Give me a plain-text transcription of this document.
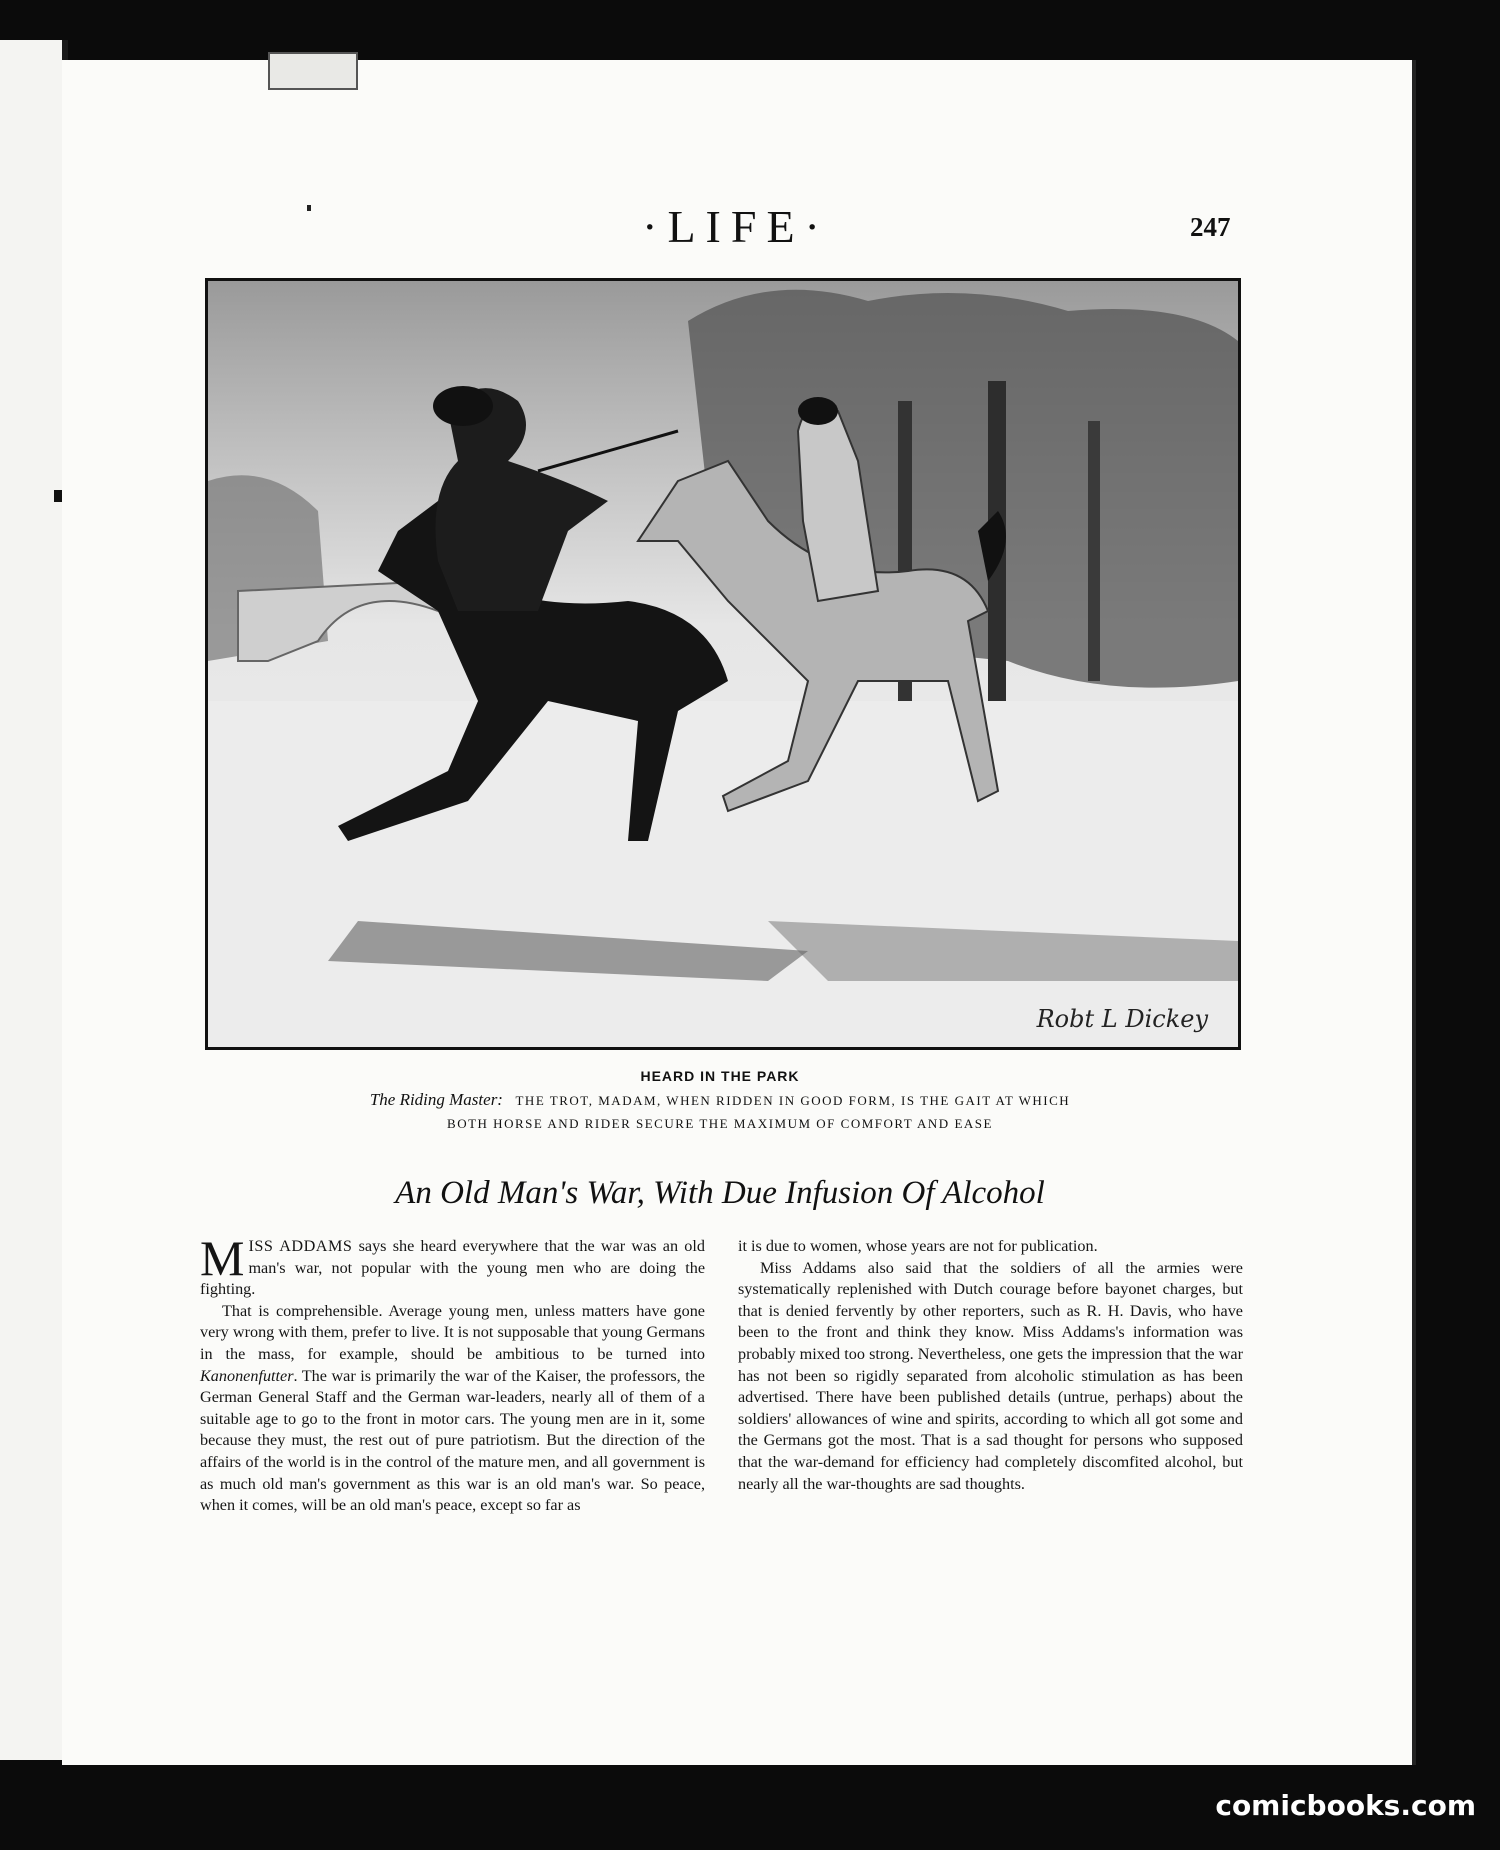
·LIFE·	247
Robt L Dickey
HEARD IN THE PARK
The Riding Master: THE TROT, MADAM, WHEN RIDDEN IN GOOD FORM, IS THE GAIT AT WHICH
BOTH HORSE AND RIDER SECURE THE MAXIMUM OF COMFORT AND EASE
An Old Man's War, With Due Infusion Of Alcohol

MISS ADDAMS says she heard everywhere that the war was an old man's war, not popular with the young men who are doing the fighting.

That is comprehensible. Average young men, unless matters have gone very wrong with them, prefer to live. It is not supposable that young Germans in the mass, for example, should be ambitious to be turned into Kanonenfutter. The war is primarily the war of the Kaiser, the professors, the German General Staff and the German war-leaders, nearly all of them of a suitable age to go to the front in motor cars. The young men are in it, some because they must, the rest out of pure patriotism. But the direction of the affairs of the world is in the control of the mature men, and all government is as much old man's government as this war is an old man's war. So peace, when it comes, will be an old man's peace, except so far as

it is due to women, whose years are not for publication.

Miss Addams also said that the soldiers of all the armies were systematically replenished with Dutch courage before bayonet charges, but that is denied fervently by other reporters, such as R. H. Davis, who have been to the front and think they know. Miss Addams's information was probably mixed too strong. Nevertheless, one gets the impression that the war has not been so rigidly separated from alcoholic stimulation as has been advertised. There have been published details (untrue, perhaps) about the soldiers' allowances of wine and spirits, according to which all got some and the Germans got the most. That is a sad thought for persons who supposed that the war-demand for efficiency had completely discomfited alcohol, but nearly all the war-thoughts are sad thoughts.

comicbooks.com
